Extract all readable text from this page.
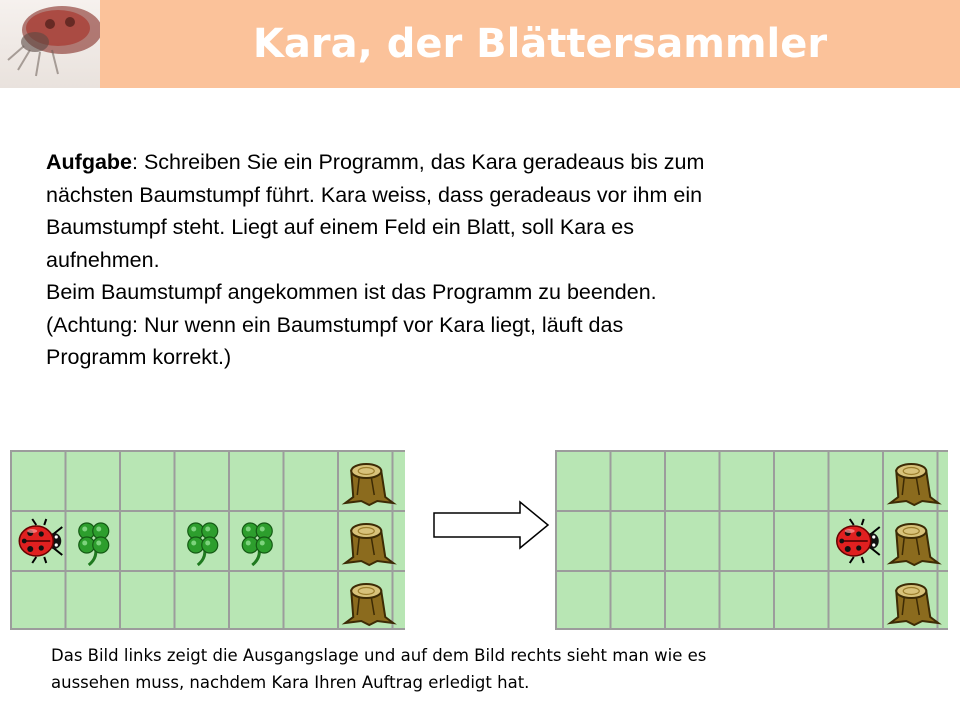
Kara, der Blättersammler

Aufgabe: Schreiben Sie ein Programm, das Kara geradeaus bis zum

nächsten Baumstumpf führt. Kara weiss, dass geradeaus vor ihm ein

Baumstumpf steht. Liegt auf einem Feld ein Blatt, soll Kara es

aufnehmen.

Beim Baumstumpf angekommen ist das Programm zu beenden.

(Achtung: Nur wenn ein Baumstumpf vor Kara liegt, läuft das

Programm korrekt.)

Das Bild links zeigt die Ausgangslage und auf dem Bild rechts sieht man wie es

aussehen muss, nachdem Kara Ihren Auftrag erledigt hat.
